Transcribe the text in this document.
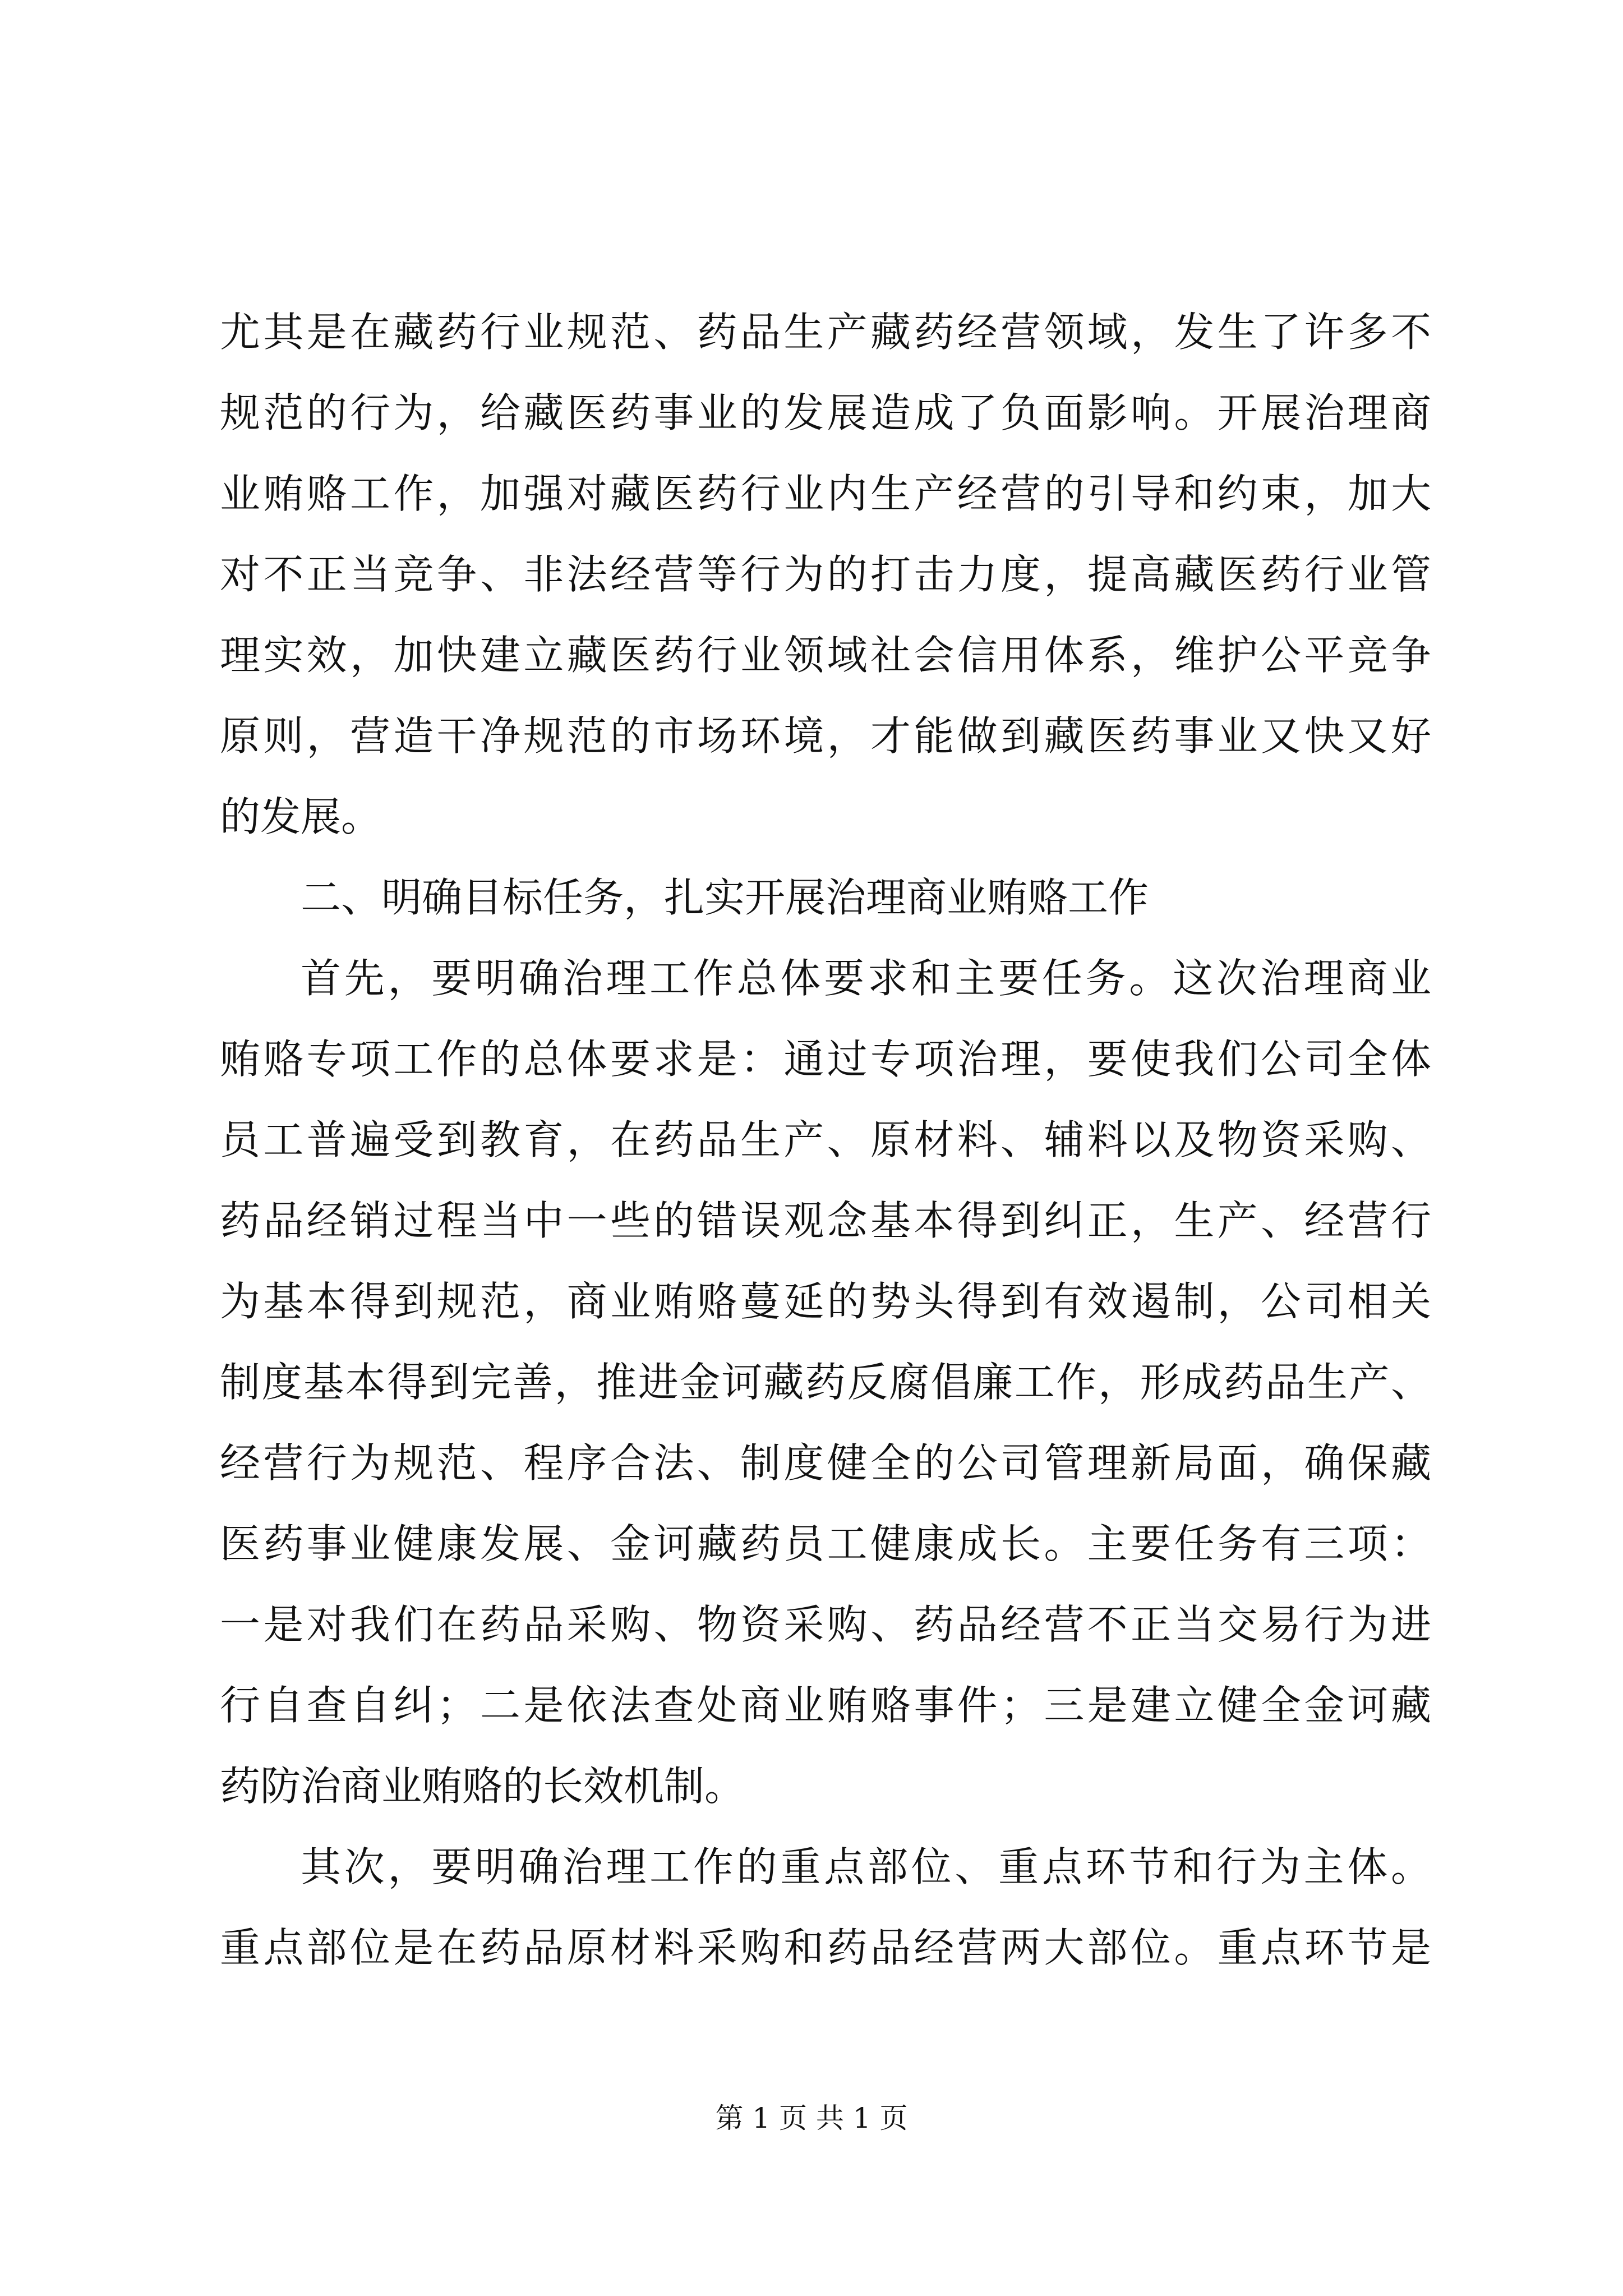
尤其是在藏药行业规范、药品生产藏药经营领域，发生了许多不
规范的行为，给藏医药事业的发展造成了负面影响。开展治理商
业贿赂工作，加强对藏医药行业内生产经营的引导和约束，加大
对不正当竞争、非法经营等行为的打击力度，提高藏医药行业管
理实效，加快建立藏医药行业领域社会信用体系，维护公平竞争
原则，营造干净规范的市场环境，才能做到藏医药事业又快又好
的发展。
二、明确目标任务，扎实开展治理商业贿赂工作
首先，要明确治理工作总体要求和主要任务。这次治理商业
贿赂专项工作的总体要求是：通过专项治理，要使我们公司全体
员工普遍受到教育，在药品生产、原材料、辅料以及物资采购、
药品经销过程当中一些的错误观念基本得到纠正，生产、经营行
为基本得到规范，商业贿赂蔓延的势头得到有效遏制，公司相关
制度基本得到完善，推进金诃藏药反腐倡廉工作，形成药品生产、
经营行为规范、程序合法、制度健全的公司管理新局面，确保藏
医药事业健康发展、金诃藏药员工健康成长。主要任务有三项：
一是对我们在药品采购、物资采购、药品经营不正当交易行为进
行自查自纠；二是依法查处商业贿赂事件；三是建立健全金诃藏
药防治商业贿赂的长效机制。
其次，要明确治理工作的重点部位、重点环节和行为主体。
重点部位是在药品原材料采购和药品经营两大部位。重点环节是
第 1 页 共 1 页
